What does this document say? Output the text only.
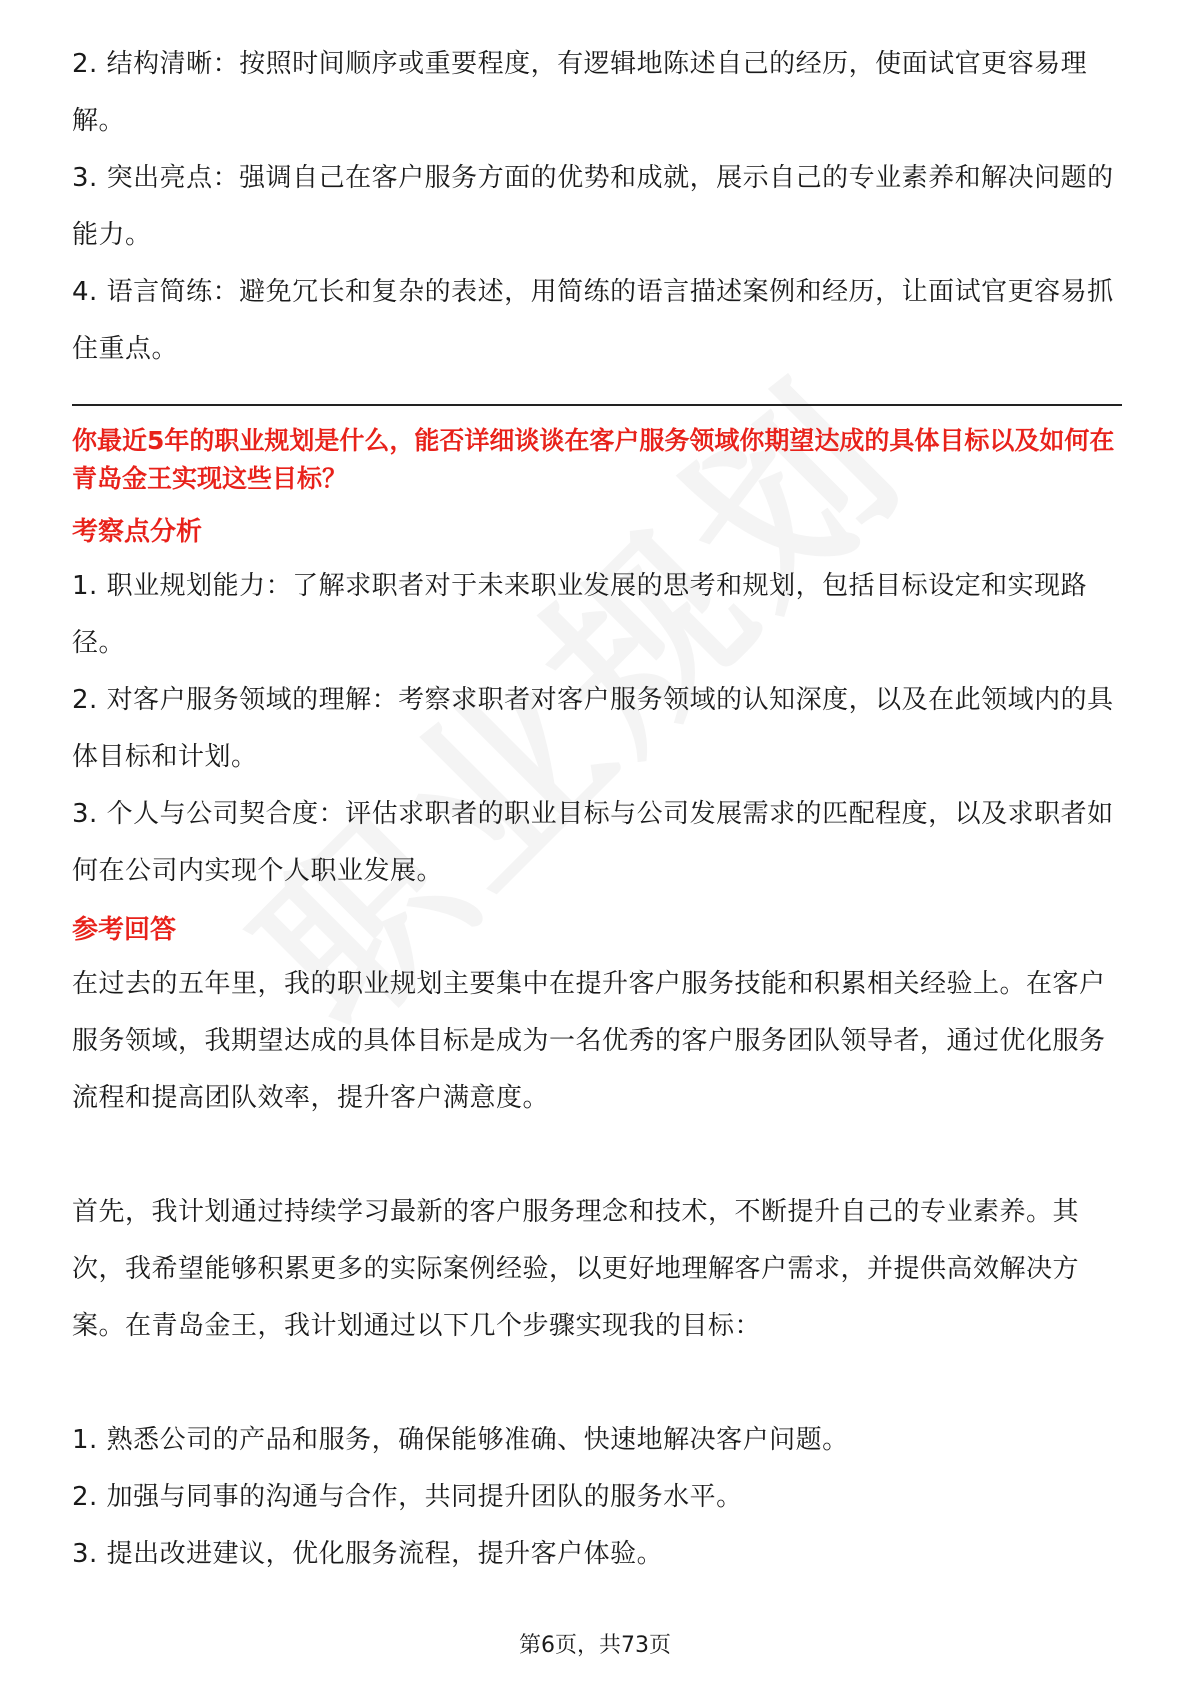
2. 结构清晰：按照时间顺序或重要程度，有逻辑地陈述自己的经历，使面试官更容易理解。

3. 突出亮点：强调自己在客户服务方面的优势和成就，展示自己的专业素养和解决问题的能力。

4. 语言简练：避免冗长和复杂的表述，用简练的语言描述案例和经历，让面试官更容易抓住重点。

你最近5年的职业规划是什么，能否详细谈谈在客户服务领域你期望达成的具体目标以及如何在青岛金王实现这些目标？

考察点分析

1. 职业规划能力：了解求职者对于未来职业发展的思考和规划，包括目标设定和实现路径。

2. 对客户服务领域的理解：考察求职者对客户服务领域的认知深度，以及在此领域内的具体目标和计划。

3. 个人与公司契合度：评估求职者的职业目标与公司发展需求的匹配程度，以及求职者如何在公司内实现个人职业发展。

参考回答

在过去的五年里，我的职业规划主要集中在提升客户服务技能和积累相关经验上。在客户服务领域，我期望达成的具体目标是成为一名优秀的客户服务团队领导者，通过优化服务流程和提高团队效率，提升客户满意度。

首先，我计划通过持续学习最新的客户服务理念和技术，不断提升自己的专业素养。其次，我希望能够积累更多的实际案例经验，以更好地理解客户需求，并提供高效解决方案。在青岛金王，我计划通过以下几个步骤实现我的目标：

1. 熟悉公司的产品和服务，确保能够准确、快速地解决客户问题。

2. 加强与同事的沟通与合作，共同提升团队的服务水平。

3. 提出改进建议，优化服务流程，提升客户体验。

第6页，共73页
